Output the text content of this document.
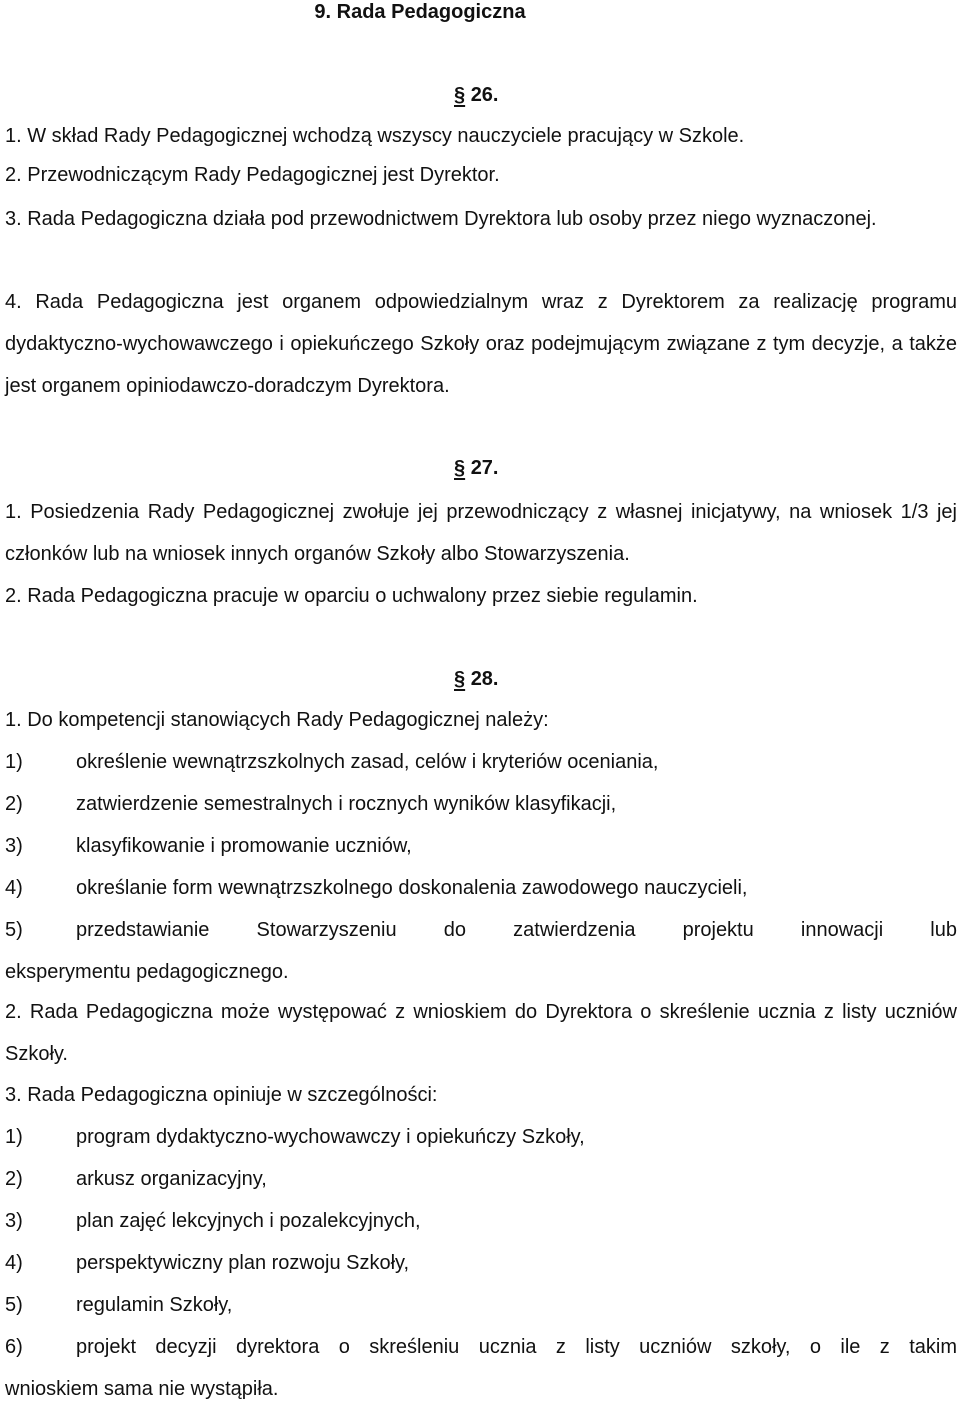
9. Rada Pedagogiczna
§ 26.

1. W skład Rady Pedagogicznej wchodzą wszyscy nauczyciele pracujący w Szkole.

2. Przewodniczącym Rady Pedagogicznej jest Dyrektor.

3. Rada Pedagogiczna działa pod przewodnictwem Dyrektora lub osoby przez niego wyznaczonej.

4. Rada Pedagogiczna jest organem odpowiedzialnym wraz z Dyrektorem za realizację programu dydaktyczno-wychowawczego i opiekuńczego Szkoły oraz podejmującym związane z tym decyzje, a także jest organem opiniodawczo-doradczym Dyrektora.

§ 27.

1. Posiedzenia Rady Pedagogicznej zwołuje jej przewodniczący z własnej inicjatywy, na wniosek 1/3 jej członków lub na wniosek innych organów Szkoły albo Stowarzyszenia.

2. Rada Pedagogiczna pracuje w oparciu o uchwalony przez siebie regulamin.

§ 28.

1. Do kompetencji stanowiących Rady Pedagogicznej należy:

1)	określenie wewnątrzszkolnych zasad, celów i kryteriów oceniania,
2)	zatwierdzenie semestralnych i rocznych wyników klasyfikacji,
3)	klasyfikowanie i promowanie uczniów,
4)	określanie form wewnątrzszkolnego doskonalenia zawodowego nauczycieli,
5)	przedstawianie Stowarzyszeniu do zatwierdzenia projektu innowacji lub

eksperymentu pedagogicznego.

2. Rada Pedagogiczna może występować z wnioskiem do Dyrektora o skreślenie ucznia z listy uczniów Szkoły.

3. Rada Pedagogiczna opiniuje w szczególności:

1)	program dydaktyczno-wychowawczy i opiekuńczy Szkoły,
2)	arkusz organizacyjny,
3)	plan zajęć lekcyjnych i pozalekcyjnych,
4)	perspektywiczny plan rozwoju Szkoły,
5)	regulamin Szkoły,
6)	projekt decyzji dyrektora o skreśleniu ucznia z listy uczniów szkoły, o ile z takim

wnioskiem sama nie wystąpiła.
